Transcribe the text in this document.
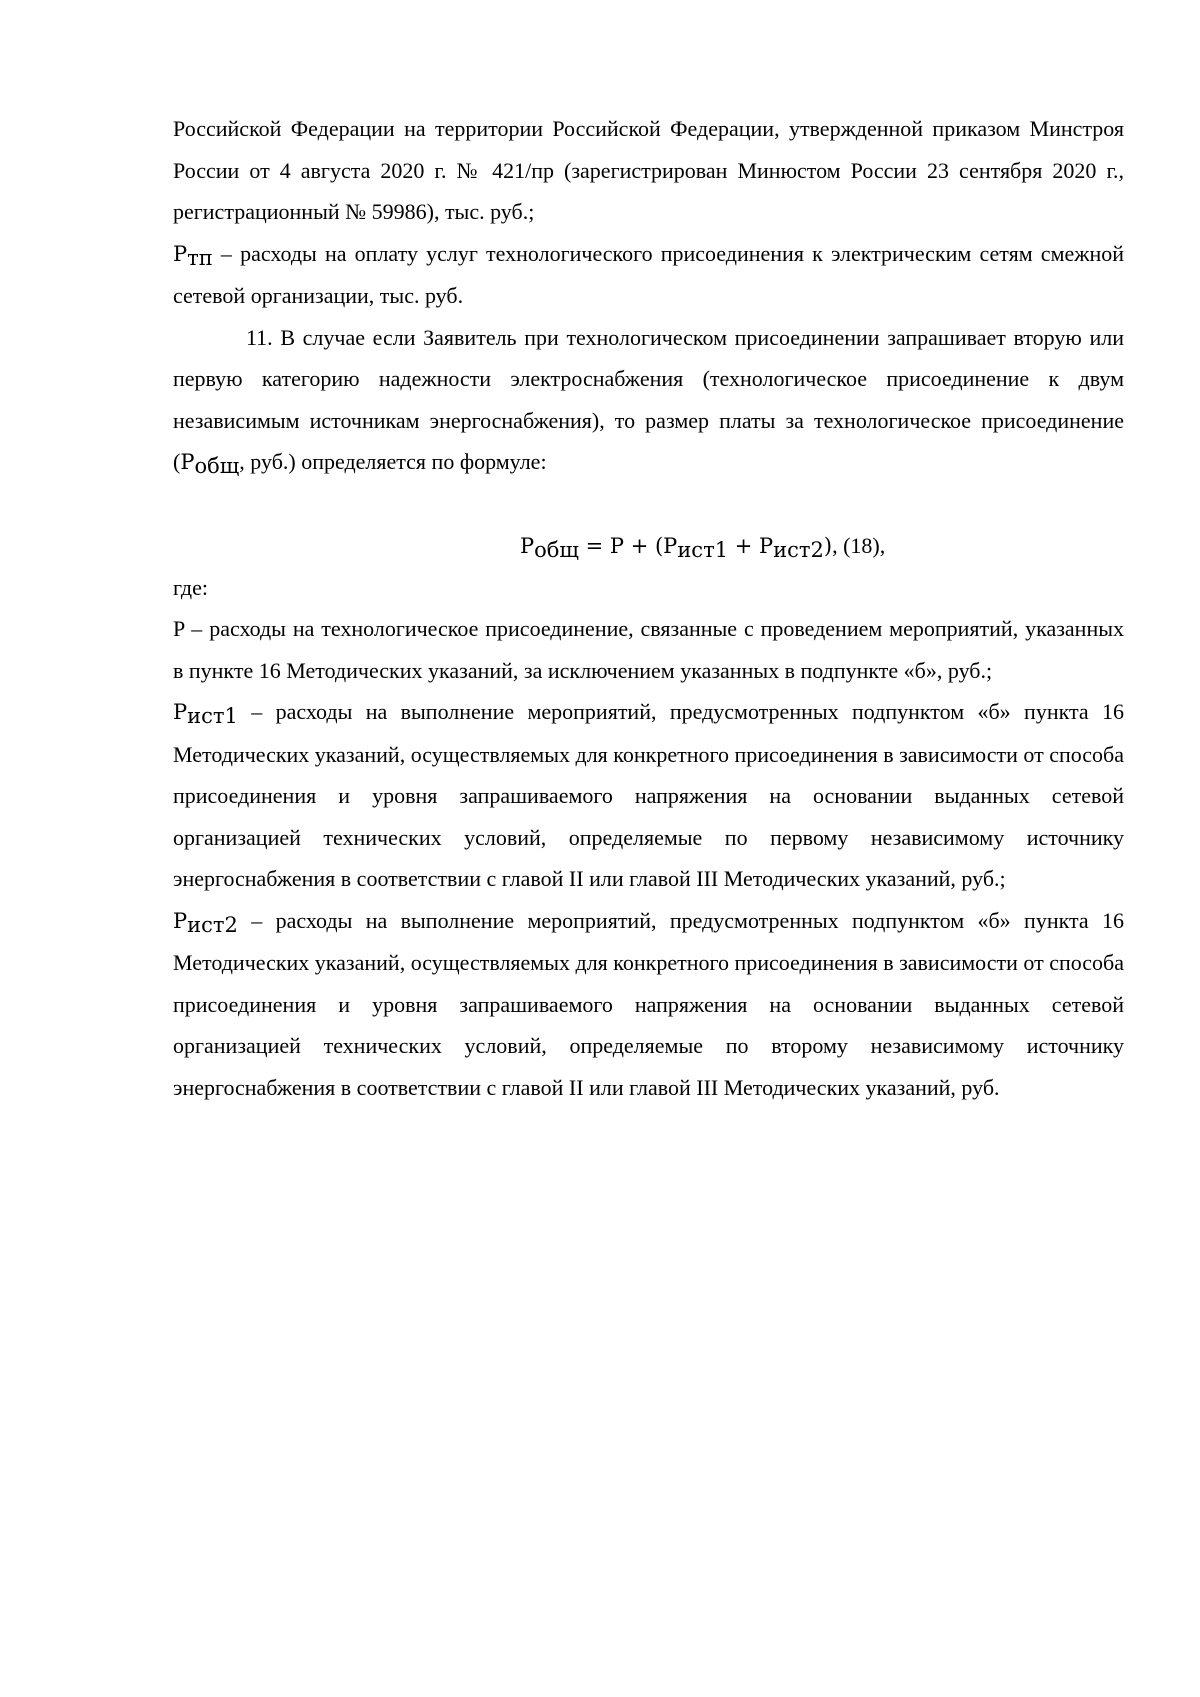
Российской Федерации на территории Российской Федерации, утвержденной приказом Минстроя России от 4 августа 2020 г. № 421/пр (зарегистрирован Минюстом России 23 сентября 2020 г., регистрационный № 59986), тыс. руб.;

$P_{тп}$ – расходы на оплату услуг технологического присоединения к электрическим сетям смежной сетевой организации, тыс. руб.

11. В случае если Заявитель при технологическом присоединении запрашивает вторую или первую категорию надежности электроснабжения (технологическое присоединение к двум независимым источникам энергоснабжения), то размер платы за технологическое присоединение ($P_{общ}$, руб.) определяется по формуле:

$P_{общ} = P + (P_{ист1} + P_{ист2})$, (18),

где:

P – расходы на технологическое присоединение, связанные с проведением мероприятий, указанных в пункте 16 Методических указаний, за исключением указанных в подпункте «б», руб.;

$P_{ист1}$ – расходы на выполнение мероприятий, предусмотренных подпунктом «б» пункта 16 Методических указаний, осуществляемых для конкретного присоединения в зависимости от способа присоединения и уровня запрашиваемого напряжения на основании выданных сетевой организацией технических условий, определяемые по первому независимому источнику энергоснабжения в соответствии с главой II или главой III Методических указаний, руб.;

$P_{ист2}$ – расходы на выполнение мероприятий, предусмотренных подпунктом «б» пункта 16 Методических указаний, осуществляемых для конкретного присоединения в зависимости от способа присоединения и уровня запрашиваемого напряжения на основании выданных сетевой организацией технических условий, определяемые по второму независимому источнику энергоснабжения в соответствии с главой II или главой III Методических указаний, руб.
